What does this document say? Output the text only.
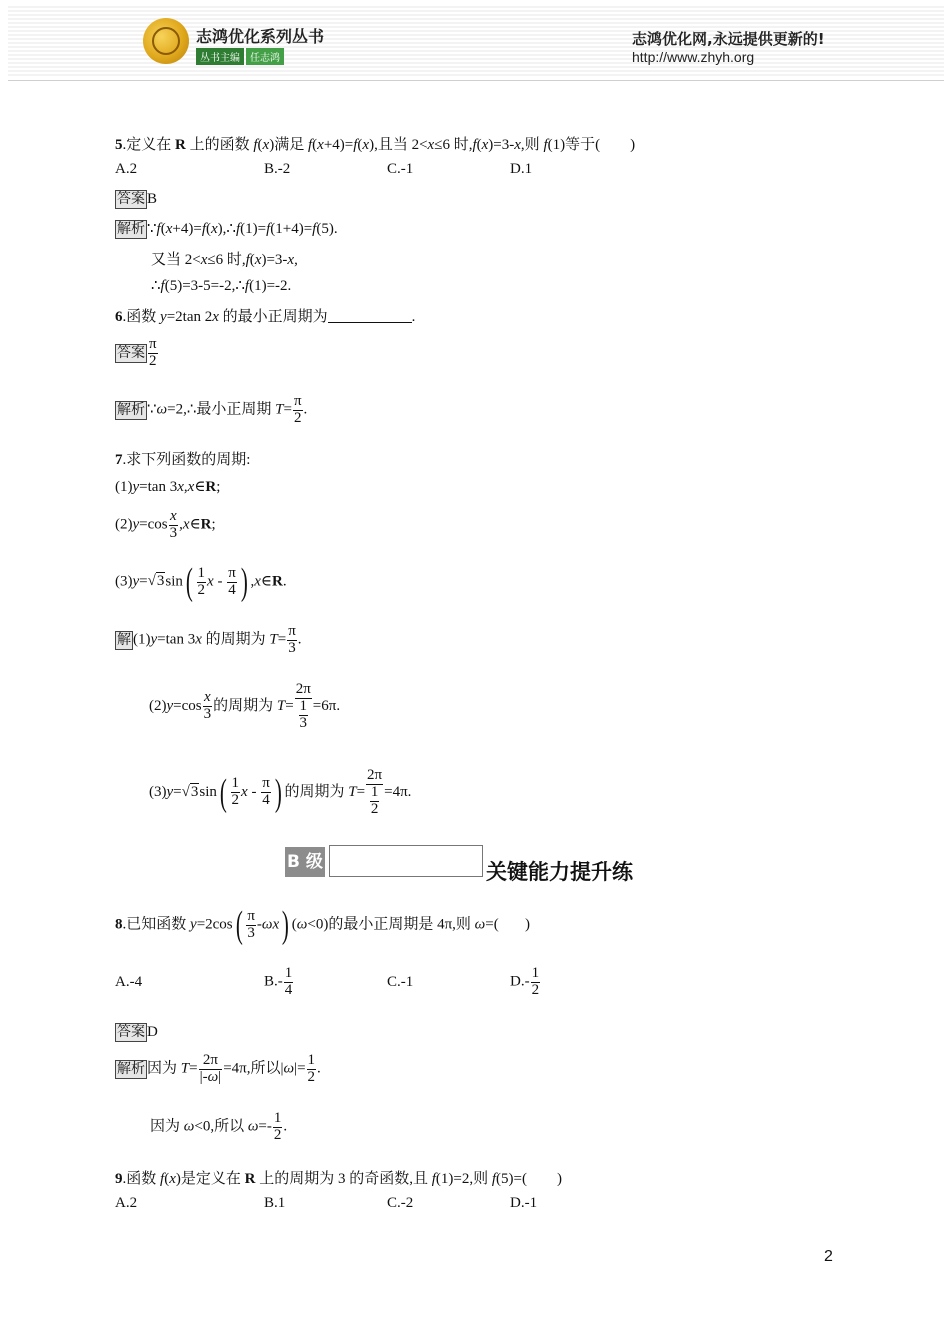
志鸿优化系列丛书
丛书主编	任志鸿
志鸿优化网,永远提供更新的!
http://www.zhyh.org
5.定义在 R 上的函数 f(x)满足 f(x+4)=f(x),且当 2<x≤6 时,f(x)=3-x,则 f(1)等于(        )
A.2	B.-2	C.-1	D.1
答案 B
解析 ∵f(x+4)=f(x),∴f(1)=f(1+4)=f(5).
又当 2<x≤6 时,f(x)=3-x,
∴f(5)=3-5=-2,∴f(1)=-2.
6.函数 y=2tan 2x 的最小正周期为	.
答案 $\frac{\pi}{2}$
解析 ∵ω=2,∴最小正周期 $T= \frac{\pi}{2}$ .
7.求下列函数的周期:
(1)y=tan 3x,x∈R;
$(2)y=\cos \frac{x}{3}$ ,x∈R;
$(3)y=√3\sin( \frac{1}{2}$ x - $\frac{\pi}{4}$ ) ,x∈R.
解 (1)y=tan 3x 的周期为 $T= \frac{\pi}{3}$ .
$(2)y=\cos \frac{x}{3}$ 的周期为 $T= \frac{2\pi}{\frac{1}{3}} =6\pi$.
$(3)y=√3\sin( \frac{1}{2}$ x - $\frac{\pi}{4}$ ) 的周期为 $T= \frac{2\pi}{\frac{1}{2}} =4\pi$.
B 级	关键能力提升练
8.已知函数 $y=2\cos( \frac{\pi}{3} -\omega x)$ (ω<0)的最小正周期是 4π,则 ω=(       )
A.-4	$B.- \frac{1}{4}$	C.-1	$D.- \frac{1}{2}$
答案 D
解析 因为 $T= \frac{2\pi}{|-\omega|} =4\pi$,所以$|\omega|= \frac{1}{2}$ .
因为 ω<0,所以 $\omega=- \frac{1}{2}$ .
9.函数 f(x)是定义在 R 上的周期为 3 的奇函数,且 f(1)=2,则 f(5)=(        )
A.2	B.1	C.-2	D.-1
2
